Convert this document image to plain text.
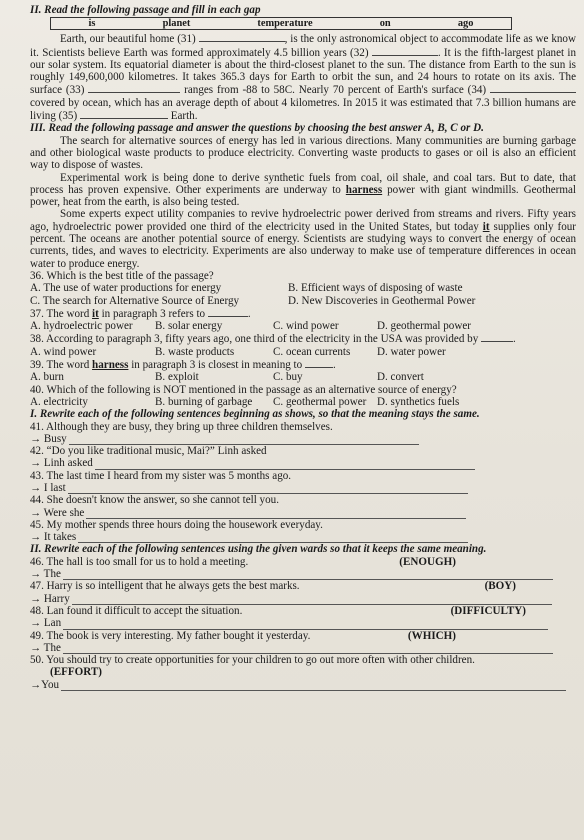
II. Read the following passage and fill in each gap

is	planet	temperature	on	ago

Earth, our beautiful home (31)	, is the only astronomical object to accommodate life as we know it. Scientists believe Earth was formed approximately 4.5 billion years (32)	. It is the fifth-largest planet in our solar system. Its equatorial diameter is about the third-closest planet to the sun. The distance from Earth to the sun is roughly 149,600,000 kilometres. It takes 365.3 days for Earth to orbit the sun, and 24 hours to rotate on its axis. The surface (33)	ranges from -88 to 58C. Nearly 70 percent of Earth's surface (34)  covered by ocean, which has an average depth of about 4 kilometres. In 2015 it was estimated that 7.3 billion humans are living (35)	Earth.

III. Read the following passage and answer the questions by choosing the best answer A, B, C or D.

The search for alternative sources of energy has led in various directions. Many communities are burning garbage and other biological waste products to produce electricity. Converting waste products to gases or oil is also an efficient way to dispose of wastes.

Experimental work is being done to derive synthetic fuels from coal, oil shale, and coal tars. But to date, that process has proven expensive. Other experiments are underway to harness power with giant windmills. Geothermal power, heat from the earth, is also being tested.

Some experts expect utility companies to revive hydroelectric power derived from streams and rivers. Fifty years ago, hydroelectric power provided one third of the electricity used in the United States, but today it supplies only four percent. The oceans are another potential source of energy. Scientists are studying ways to convert the energy of ocean currents, tides, and waves to electricity. Experiments are also underway to make use of temperature differences in ocean water to produce energy.

36. Which is the best title of the passage?

A. The use of water productions for energy	B. Efficient ways of disposing of waste
C. The search for Alternative Source of Energy	D. New Discoveries in Geothermal Power

37. The word it in paragraph 3 refers to	.

A. hydroelectric power	B. solar energy	C. wind power	D. geothermal power

38. According to paragraph 3, fifty years ago, one third of the electricity in the USA was provided by	.

A. wind power	B. waste products	C. ocean currents	D. water power

39. The word harness in paragraph 3 is closest in meaning to	.

A. burn	B. exploit	C. buy	D. convert

40. Which of the following is NOT mentioned in the passage as an alternative source of energy?

A. electricity	B. burning of garbage	C. geothermal power D. synthetics fuels

I. Rewrite each of the following sentences beginning as shows, so that the meaning stays the same.

41. Although they are busy, they bring up three children themselves.

→ Busy

42. “Do you like traditional music, Mai?” Linh asked

→ Linh asked

43. The last time I heard from my sister was 5 months ago.

→ I last

44. She doesn't know the answer, so she cannot tell you.

→ Were she

45. My mother spends three hours doing the housework everyday.

→ It takes

II. Rewrite each of the following sentences using the given wards so that it keeps the same meaning.

46. The hall is too small for us to hold a meeting.	(ENOUGH)
→ The
47. Harry is so intelligent that he always gets the best marks.	(BOY)
→ Harry
48. Lan found it difficult to accept the situation.	(DIFFICULTY)
→ Lan
49. The book is very interesting. My father bought it yesterday.	(WHICH)
→ The

50. You should try to create opportunities for your children to go out more often with other children.

(EFFORT)

→You
